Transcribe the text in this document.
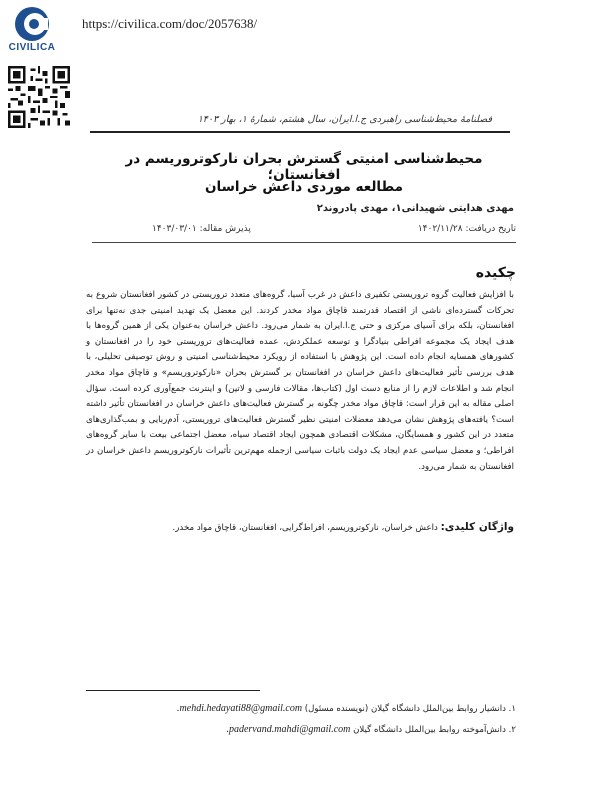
CIVILICA
https://civilica.com/doc/2057638/
فصلنامهٔ محیط‌شناسی راهبردی ج.ا.ایران، سال هشتم، شمارهٔ ۱، بهار ۱۴۰۳
محیط‌شناسی امنیتی گسترش بحران نارکوتروریسم در افغانستان؛
مطالعه موردی داعش خراسان
مهدی هدایتی شهیدانی۱، مهدی پادروند۲
تاریخ دریافت: ۱۴۰۲/۱۱/۲۸
پذیرش مقاله: ۱۴۰۳/۰۳/۰۱
چکیده
با افزایش فعالیت گروه تروریستی تکفیری داعش در غرب آسیا، گروه‌های متعدد تروریستی در کشور افغانستان شروع به تحرکات گسترده‌ای ناشی از اقتصاد قدرتمند قاچاق مواد مخدر کردند. این معضل یک تهدید امنیتی جدی نه‌تنها برای افغانستان، بلکه برای آسیای مرکزی و حتی ج.ا.ایران به شمار می‌رود. داعش خراسان به‌عنوان یکی از همین گروه‌ها با هدف ایجاد یک مجموعه افراطی بنیادگرا و توسعه عملکردش، عمده فعالیت‌های تروریستی خود را در افغانستان و کشورهای همسایه انجام داده است. این پژوهش با استفاده از رویکرد محیط‌شناسی امنیتی و روش توصیفی تحلیلی، با هدف بررسی تأثیر فعالیت‌های داعش خراسان در افغانستان بر گسترش بحران «نارکوتروریسم» و قاچاق مواد مخدر انجام شد و اطلاعات لازم را از منابع دست اول (کتاب‌ها، مقالات فارسی و لاتین) و اینترنت جمع‌آوری کرده است. سؤال اصلی مقاله به این قرار است: قاچاق مواد مخدر چگونه بر گسترش فعالیت‌های داعش خراسان در افغانستان تأثیر داشته است؟ یافته‌های پژوهش نشان می‌دهد معضلات امنیتی نظیر گسترش فعالیت‌های تروریستی، آدم‌ربایی و بمب‌گذاری‌های متعدد در این کشور و همسایگان، مشکلات اقتصادی همچون ایجاد اقتصاد سیاه، معضل اجتماعی بیعت با سایر گروه‌های افراطی؛ و معضل سیاسی عدم ایجاد یک دولت باثبات سیاسی ازجمله مهم‌ترین تأثیرات نارکوتروریسم داعش خراسان در افغانستان به شمار می‌رود.
واژگان کلیدی: داعش خراسان، نارکوتروریسم، افراط‌گرایی، افغانستان، قاچاق مواد مخدر.
۱. دانشیار روابط بین‌الملل دانشگاه گیلان (نویسنده مسئول) mehdi.hedayati88@gmail.com.
۲. دانش‌آموخته روابط بین‌الملل دانشگاه گیلان padervand.mahdi@gmail.com.
